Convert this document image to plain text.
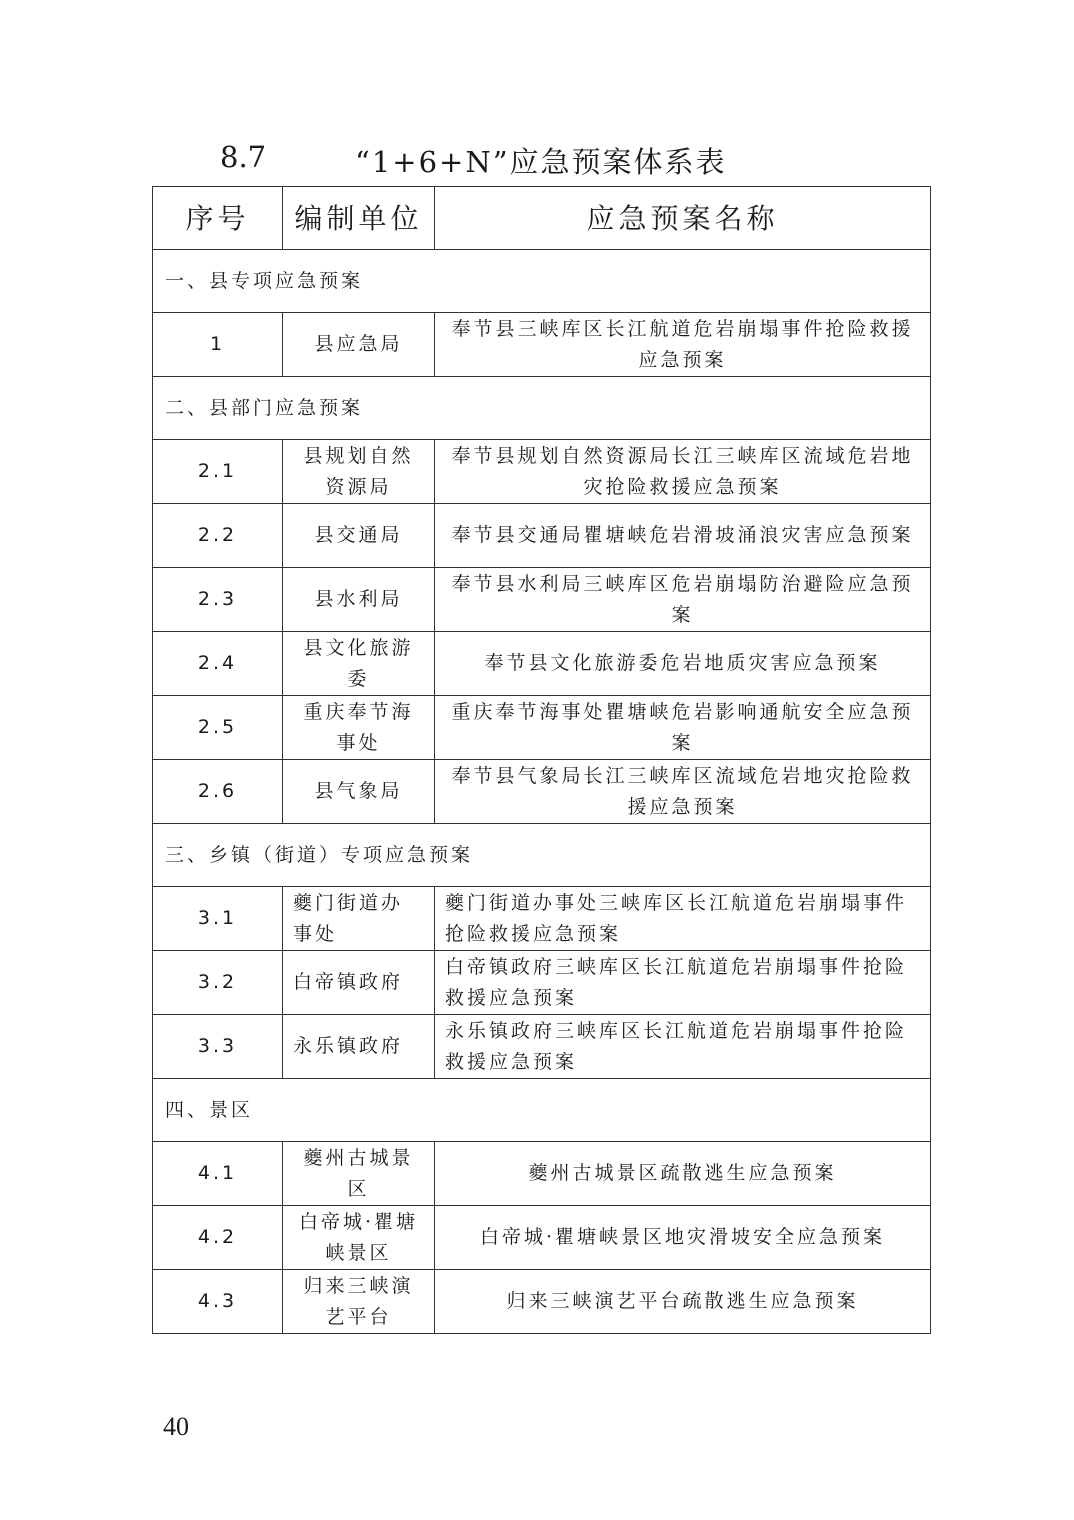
8.7	“1+6+N”应急预案体系表
序号	编制单位	应急预案名称
一、县专项应急预案		
1	县应急局	奉节县三峡库区长江航道危岩崩塌事件抢险救援应急预案
二、县部门应急预案		
2.1	县规划自然资源局	奉节县规划自然资源局长江三峡库区流域危岩地灾抢险救援应急预案
2.2	县交通局	奉节县交通局瞿塘峡危岩滑坡涌浪灾害应急预案
2.3	县水利局	奉节县水利局三峡库区危岩崩塌防治避险应急预案
2.4	县文化旅游委	奉节县文化旅游委危岩地质灾害应急预案
2.5	重庆奉节海事处	重庆奉节海事处瞿塘峡危岩影响通航安全应急预案
2.6	县气象局	奉节县气象局长江三峡库区流域危岩地灾抢险救援应急预案
三、乡镇（街道）专项应急预案		
3.1	夔门街道办事处	夔门街道办事处三峡库区长江航道危岩崩塌事件抢险救援应急预案
3.2	白帝镇政府	白帝镇政府三峡库区长江航道危岩崩塌事件抢险救援应急预案
3.3	永乐镇政府	永乐镇政府三峡库区长江航道危岩崩塌事件抢险救援应急预案
四、景区		
4.1	夔州古城景区	夔州古城景区疏散逃生应急预案
4.2	白帝城·瞿塘峡景区	白帝城·瞿塘峡景区地灾滑坡安全应急预案
4.3	归来三峡演艺平台	归来三峡演艺平台疏散逃生应急预案
40
